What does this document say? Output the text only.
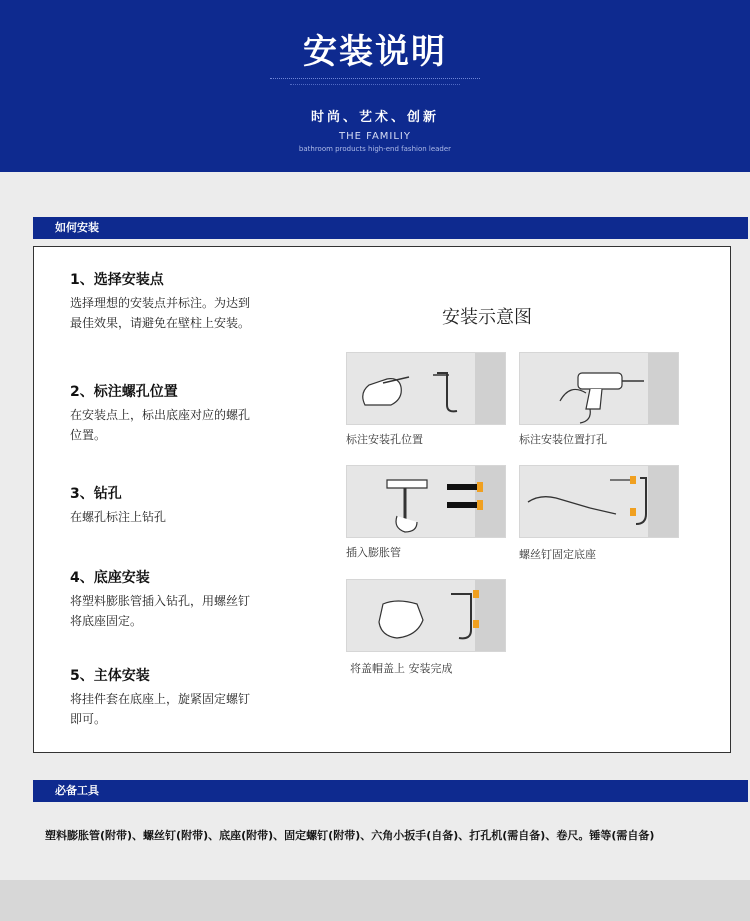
安装说明
时尚、艺术、创新
THE FAMILIY
bathroom products high-end fashion leader
如何安装
1、选择安装点
选择理想的安装点并标注。为达到最佳效果，请避免在壁柱上安装。
2、标注螺孔位置
在安装点上，标出底座对应的螺孔位置。
3、钻孔
在螺孔标注上钻孔
4、底座安装
将塑料膨胀管插入钻孔，用螺丝钉将底座固定。
5、主体安装
将挂件套在底座上，旋紧固定螺钉即可。
安装示意图
标注安装孔位置	标注安装位置打孔
插入膨胀管	螺丝钉固定底座
将盖帽盖上 安装完成
必备工具
塑料膨胀管(附带)、螺丝钉(附带)、底座(附带)、固定螺钉(附带)、六角小扳手(自备)、打孔机(需自备)、卷尺。锤等(需自备)
